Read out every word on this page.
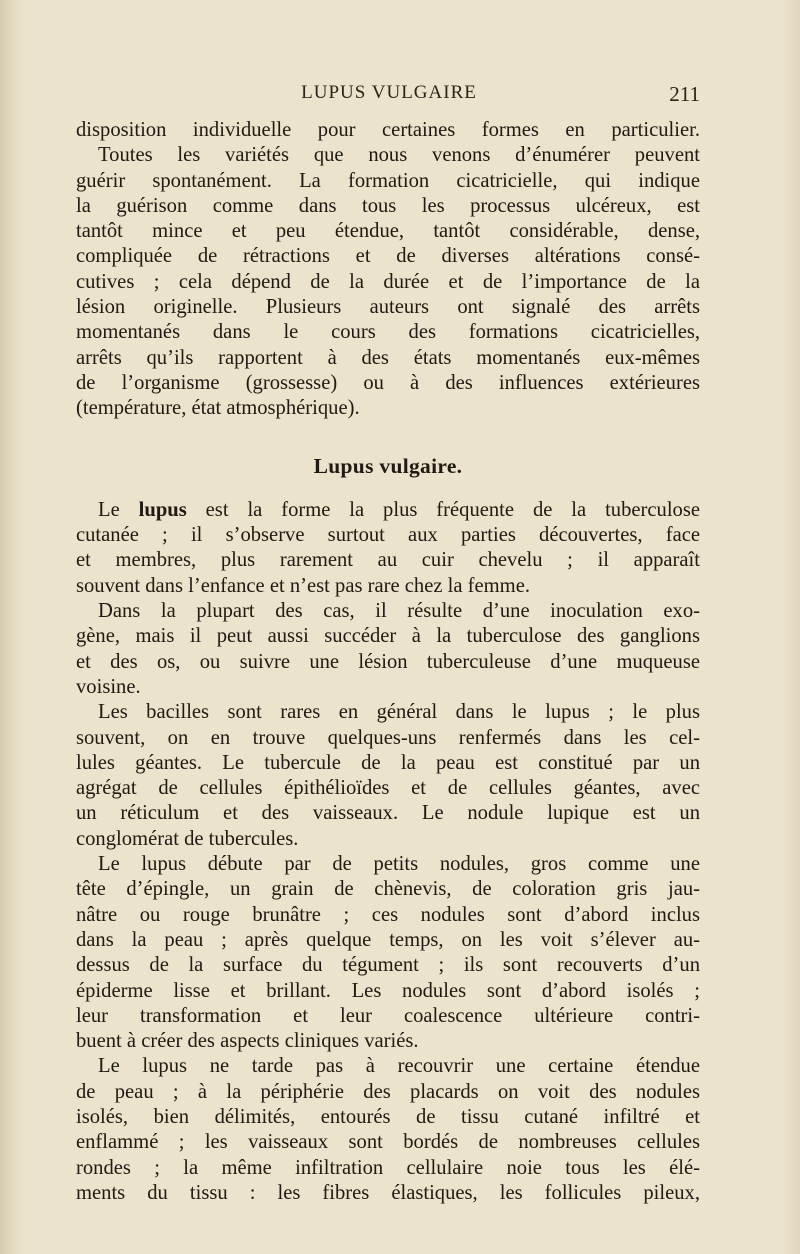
LUPUS VULGAIRE	211
disposition individuelle pour certaines formes en particulier.
Toutes les variétés que nous venons d’énumérer peuvent
guérir spontanément. La formation cicatricielle, qui indique
la guérison comme dans tous les processus ulcéreux, est
tantôt mince et peu étendue, tantôt considérable, dense,
compliquée de rétractions et de diverses altérations consé-
cutives ; cela dépend de la durée et de l’importance de la
lésion originelle. Plusieurs auteurs ont signalé des arrêts
momentanés dans le cours des formations cicatricielles,
arrêts qu’ils rapportent à des états momentanés eux-mêmes
de l’organisme (grossesse) ou à des influences extérieures
(température, état atmosphérique).
Lupus vulgaire.
Le lupus est la forme la plus fréquente de la tuberculose
cutanée ; il s’observe surtout aux parties découvertes, face
et membres, plus rarement au cuir chevelu ; il apparaît
souvent dans l’enfance et n’est pas rare chez la femme.
Dans la plupart des cas, il résulte d’une inoculation exo-
gène, mais il peut aussi succéder à la tuberculose des ganglions
et des os, ou suivre une lésion tuberculeuse d’une muqueuse
voisine.
Les bacilles sont rares en général dans le lupus ; le plus
souvent, on en trouve quelques-uns renfermés dans les cel-
lules géantes. Le tubercule de la peau est constitué par un
agrégat de cellules épithélioïdes et de cellules géantes, avec
un réticulum et des vaisseaux. Le nodule lupique est un
conglomérat de tubercules.
Le lupus débute par de petits nodules, gros comme une
tête d’épingle, un grain de chènevis, de coloration gris jau-
nâtre ou rouge brunâtre ; ces nodules sont d’abord inclus
dans la peau ; après quelque temps, on les voit s’élever au-
dessus de la surface du tégument ; ils sont recouverts d’un
épiderme lisse et brillant. Les nodules sont d’abord isolés ;
leur transformation et leur coalescence ultérieure contri-
buent à créer des aspects cliniques variés.
Le lupus ne tarde pas à recouvrir une certaine étendue
de peau ; à la périphérie des placards on voit des nodules
isolés, bien délimités, entourés de tissu cutané infiltré et
enflammé ; les vaisseaux sont bordés de nombreuses cellules
rondes ; la même infiltration cellulaire noie tous les élé-
ments du tissu : les fibres élastiques, les follicules pileux,
